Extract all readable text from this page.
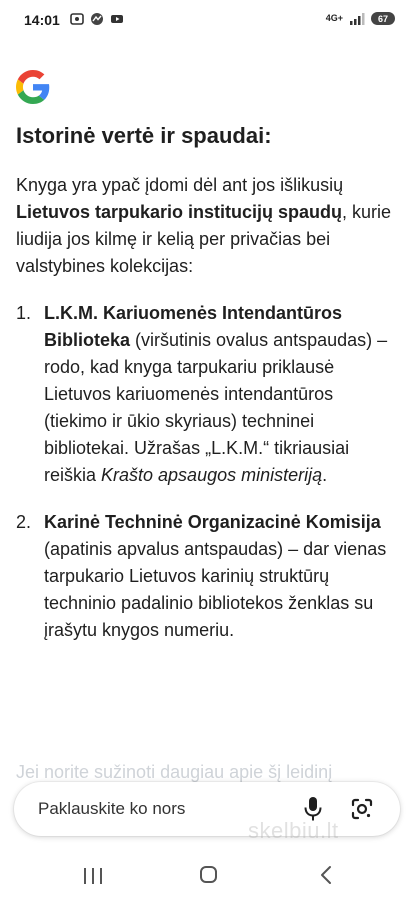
14:01	4G+	67
Istorinė vertė ir spaudai:
Knyga yra ypač įdomi dėl ant jos išlikusių Lietuvos tarpukario institucijų spaudų, kurie liudija jos kilmę ir kelią per privačias bei valstybines kolekcijas:
1. L.K.M. Kariuomenės Intendantūros Biblioteka (viršutinis ovalus antspaudas) – rodo, kad knyga tarpukariu priklausė Lietuvos kariuomenės intendantūros (tiekimo ir ūkio skyriaus) techninei bibliotekai. Užrašas „L.K.M.“ tikriausiai reiškia Krašto apsaugos ministeriją.
2. Karinė Techninė Organizacinė Komisija (apatinis apvalus antspaudas) – dar vienas tarpukario Lietuvos karinių struktūrų techninio padalinio bibliotekos ženklas su įrašytu knygos numeriu.
Jei norite sužinoti daugiau apie šį leidinį
Paklauskite ko nors
skelbiu.lt
